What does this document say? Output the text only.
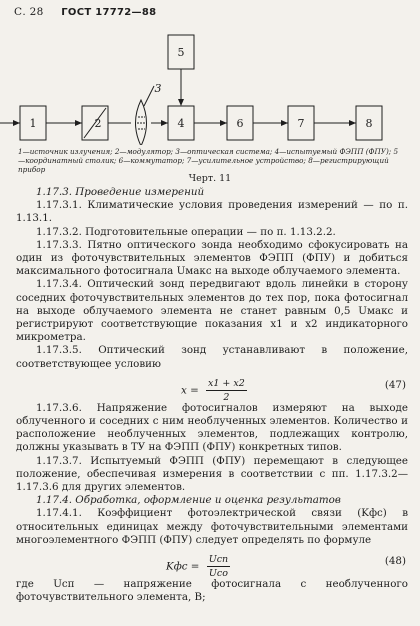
С. 28 ГОСТ 17772—88
5
1	2	4	6	7	8
3
1—источник излучения; 2—модулятор; 3—оптическая система; 4—испытуемый ФЭПП (ФПУ); 5—координатный столик; 6—коммутатор; 7—усилительное устройство; 8—регистрирующий прибор
Черт. 11

1.17.3. Проведение измерений

1.17.3.1. Климатические условия проведения измерений — по п. 1.13.1.

1.17.3.2. Подготовительные операции — по п. 1.13.2.2.

1.17.3.3. Пятно оптического зонда необходимо сфокусировать на один из фоточувствительных элементов ФЭПП (ФПУ) и добиться максимального фотосигнала Uмакс на выходе облучаемого элемента.

1.17.3.4. Оптический зонд передвигают вдоль линейки в сторону соседних фоточувствительных элементов до тех пор, пока фотосигнал на выходе облучаемого элемента не станет равным 0,5 Uмакс и регистрируют соответствующие показания x1 и x2 индикаторного микрометра.

1.17.3.5. Оптический зонд устанавливают в положение, соответствующее условию

$x = \frac{x1 + x2}{2}$	(47)

1.17.3.6. Напряжение фотосигналов измеряют на выходе облученного и соседних с ним необлученных элементов. Количество и расположение необлученных элементов, подлежащих контролю, должны указывать в ТУ на ФЭПП (ФПУ) конкретных типов.

1.17.3.7. Испытуемый ФЭПП (ФПУ) перемещают в следующее положение, обеспечивая измерения в соответствии с пп. 1.17.3.2—1.17.3.6 для других элементов.

1.17.4. Обработка, оформление и оценка результатов

1.17.4.1. Коэффициент фотоэлектрической связи (Kфс) в относительных единицах между фоточувствительными элементами многоэлементного ФЭПП (ФПУ) следует определять по формуле

Kфс = $\frac{\text{Uсп}}{\text{Uсо}}$	(48)

где Uсп — напряжение фотосигнала с необлученного фоточувствительного элемента, В;
